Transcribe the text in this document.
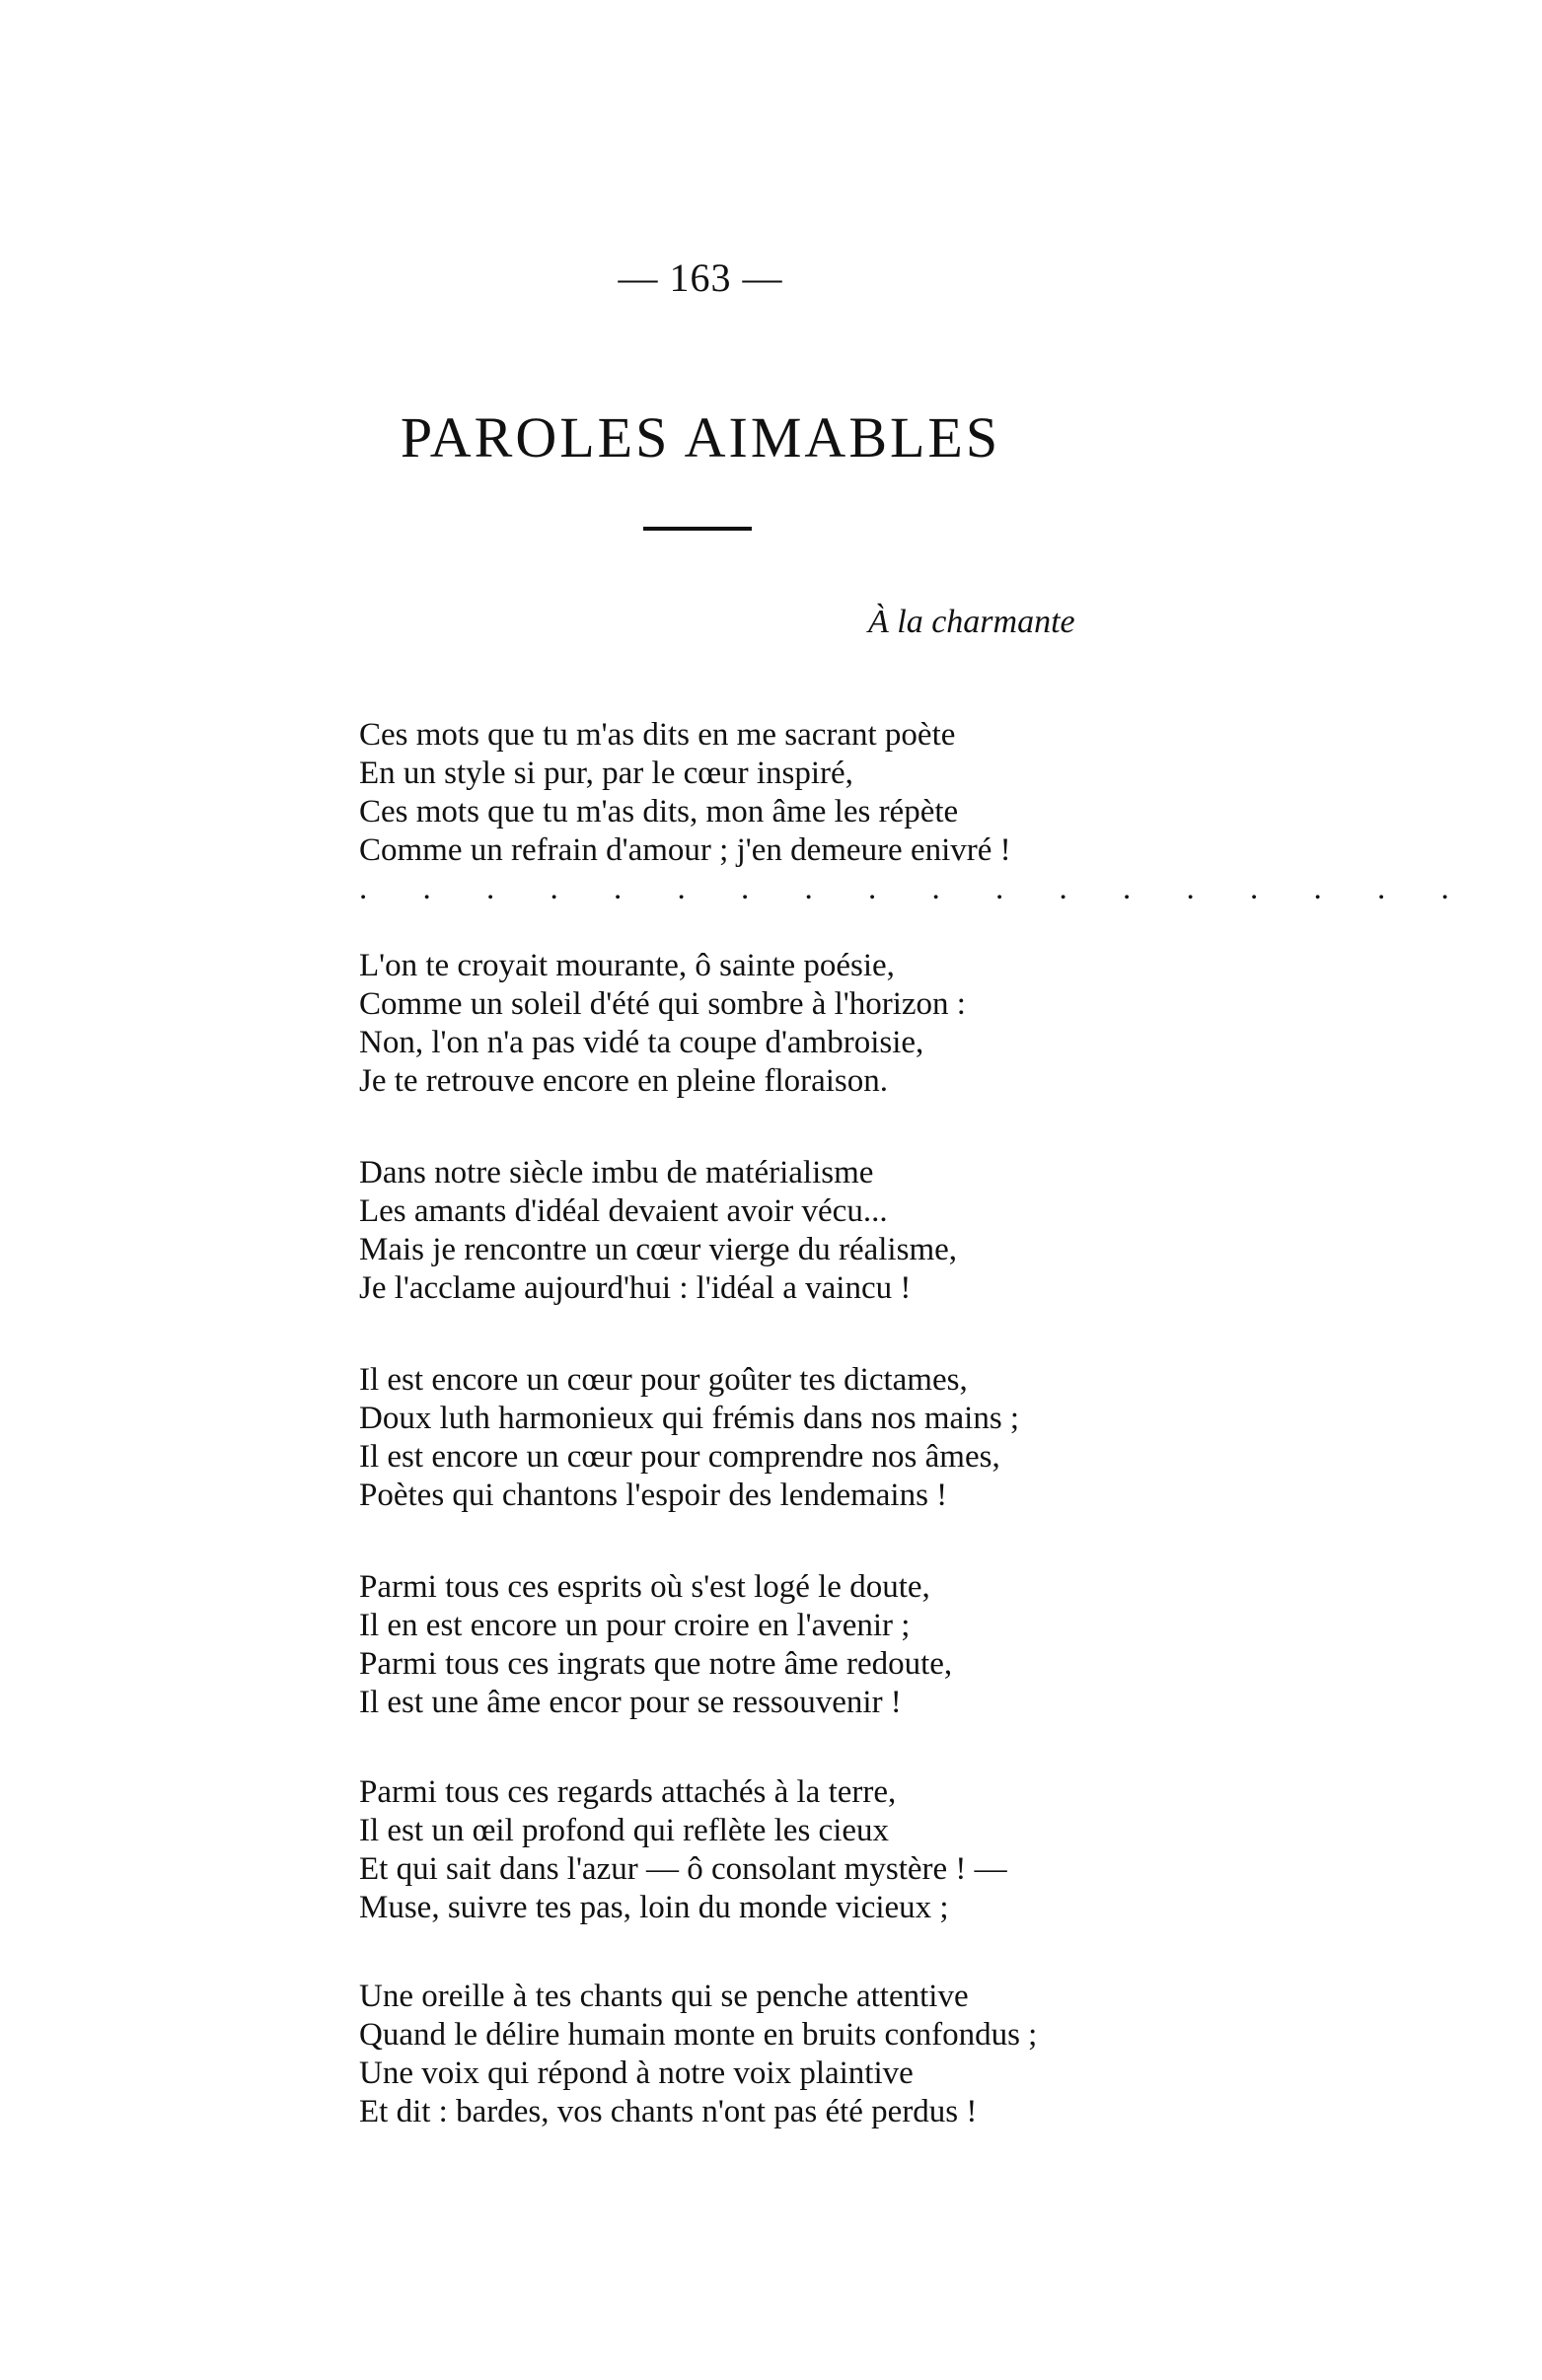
— 163 —
PAROLES AIMABLES
À la charmante
Ces mots que tu m'as dits en me sacrant poète
En un style si pur, par le cœur inspiré,
Ces mots que tu m'as dits, mon âme les répète
Comme un refrain d'amour ; j'en demeure enivré !
. . . . . . . . . . . . . . . . . .
L'on te croyait mourante, ô sainte poésie,
Comme un soleil d'été qui sombre à l'horizon :
Non, l'on n'a pas vidé ta coupe d'ambroisie,
Je te retrouve encore en pleine floraison.
Dans notre siècle imbu de matérialisme
Les amants d'idéal devaient avoir vécu...
Mais je rencontre un cœur vierge du réalisme,
Je l'acclame aujourd'hui : l'idéal a vaincu !
Il est encore un cœur pour goûter tes dictames,
Doux luth harmonieux qui frémis dans nos mains ;
Il est encore un cœur pour comprendre nos âmes,
Poètes qui chantons l'espoir des lendemains !
Parmi tous ces esprits où s'est logé le doute,
Il en est encore un pour croire en l'avenir ;
Parmi tous ces ingrats que notre âme redoute,
Il est une âme encor pour se ressouvenir !
Parmi tous ces regards attachés à la terre,
Il est un œil profond qui reflète les cieux
Et qui sait dans l'azur — ô consolant mystère ! —
Muse, suivre tes pas, loin du monde vicieux ;
Une oreille à tes chants qui se penche attentive
Quand le délire humain monte en bruits confondus ;
Une voix qui répond à notre voix plaintive
Et dit : bardes, vos chants n'ont pas été perdus !
